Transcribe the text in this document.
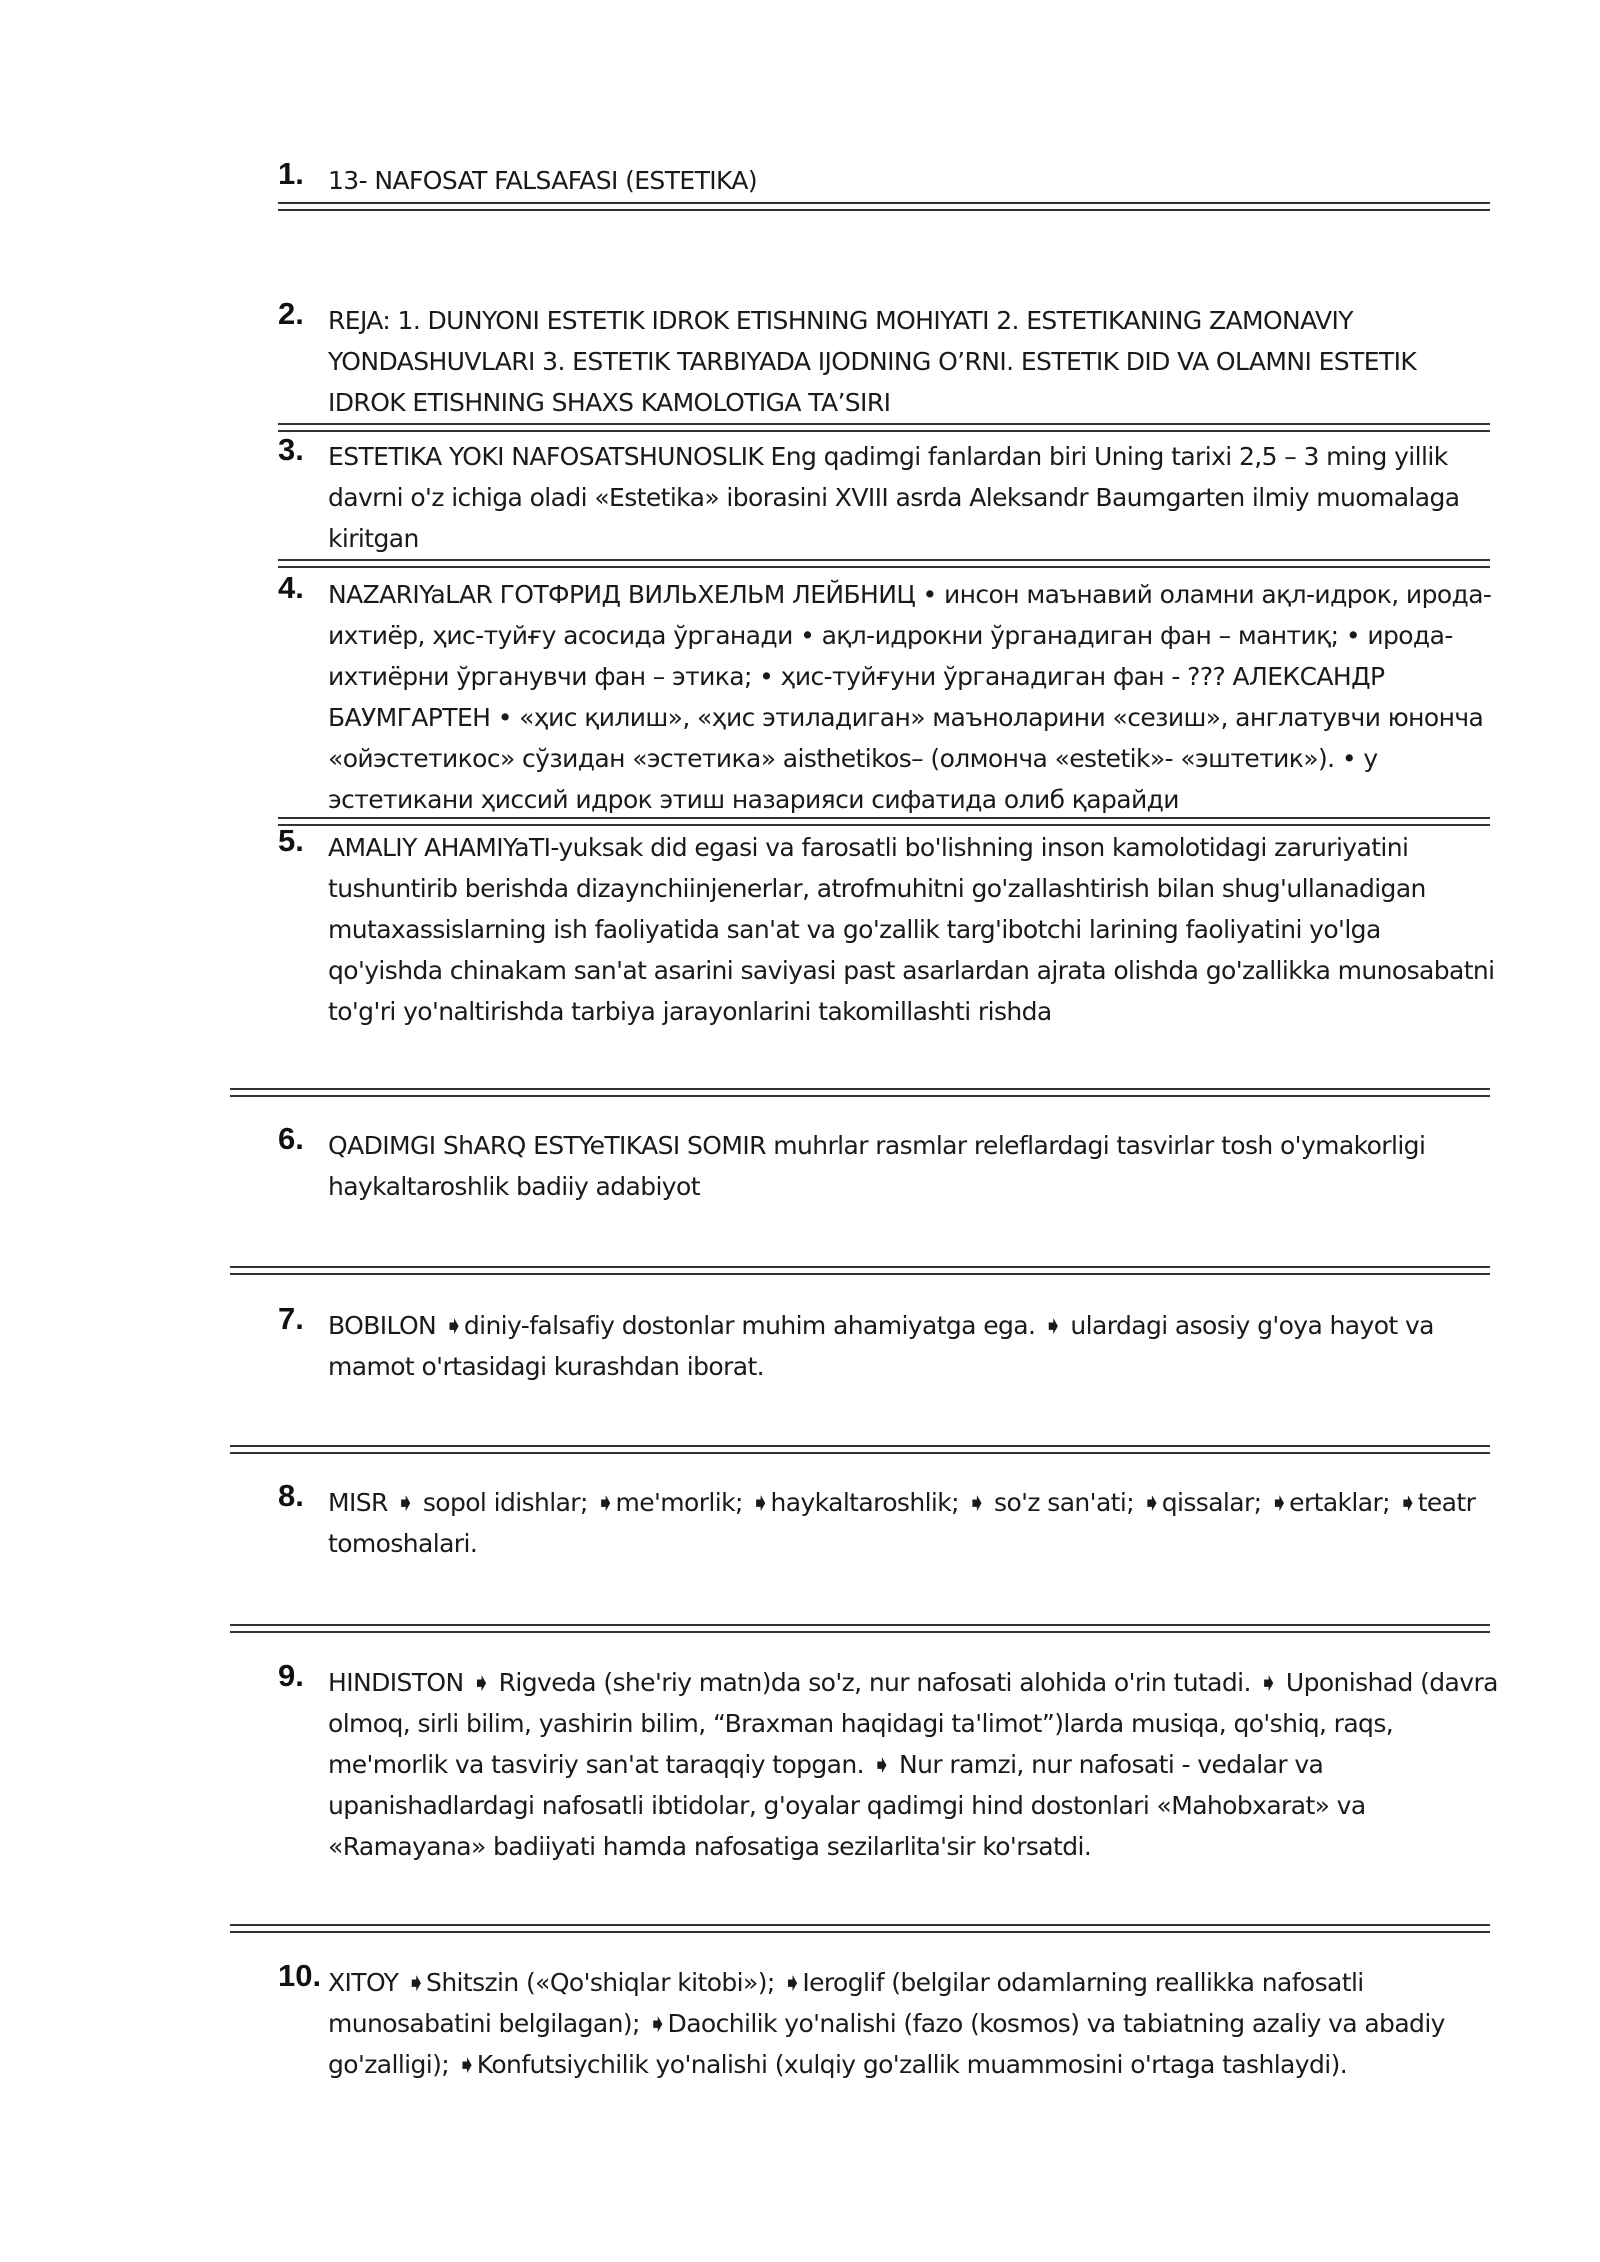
1. 13- NAFOSAT FALSAFASI (ESTETIKA)
2. REJA: 1. DUNYONI ESTETIK IDROK ETISHNING MOHIYATI 2. ESTETIKANING ZAMONAVIY YONDASHUVLARI 3. ESTETIK TARBIYADA IJODNING O’RNI. ESTETIK DID VA OLAMNI ESTETIK IDROK ETISHNING SHAXS KAMOLOTIGA TA’SIRI
3. ESTETIKA YOKI NAFOSATSHUNOSLIK Eng qadimgi fanlardan biri Uning tarixi 2,5 – 3 ming yillik davrni o'z ichiga oladi «Estetika» iborasini XVIII asrda Aleksandr Baumgarten ilmiy muomalaga kiritgan
4. NAZARIYaLAR ГОТФРИД ВИЛЬХЕЛЬМ ЛЕЙБНИЦ • инсон маънавий оламни ақл-идрок, ирода-ихтиёр, ҳис-туйғу асосида ўрганади • ақл-идрокни ўрганадиган фан – мантиқ; • ирода-ихтиёрни ўрганувчи фан – этика; • ҳис-туйғуни ўрганадиган фан - ??? АЛЕКСАНДР БАУМГАРТЕН • «ҳис қилиш», «ҳис этиладиган» маъноларини «сезиш», англатувчи юнонча «ойэстетикос» сўзидан «эстетика» aisthetikos– (олмонча «estetik»- «эштетик»). • у эстетикани ҳиссий идрок этиш назарияси сифатида олиб қарайди
5. AMALIY AHAMIYaTI-yuksak did egasi va farosatli bo'lishning inson kamolotidagi zaruriyatini tushuntirib berishda dizaynchiinjenerlar, atrofmuhitni go'zallashtirish bilan shug'ullanadigan mutaxassislarning ish faoliyatida san'at va go'zallik targ'ibotchi larining faoliyatini yo'lga qo'yishda chinakam san'at asarini saviyasi past asarlardan ajrata olishda go'zallikka munosabatni to'g'ri yo'naltirishda tarbiya jarayonlarini takomillashti rishda
6. QADIMGI ShARQ ESTYeTIKASI SOMIR muhrlar rasmlar releflardagi tasvirlar tosh o'ymakorligi haykaltaroshlik badiiy adabiyot
7. BOBILON ➧diniy-falsafiy dostonlar muhim ahamiyatga ega. ➧ ulardagi asosiy g'oya hayot va mamot o'rtasidagi kurashdan iborat.
8. MISR ➧ sopol idishlar; ➧me'morlik; ➧haykaltaroshlik; ➧ so'z san'ati; ➧qissalar; ➧ertaklar; ➧teatr tomoshalari.
9. HINDISTON ➧ Rigveda (she'riy matn)da so'z, nur nafosati alohida o'rin tutadi. ➧ Uponishad (davra olmoq, sirli bilim, yashirin bilim, “Braxman haqidagi ta'limot”)larda musiqa, qo'shiq, raqs, me'morlik va tasviriy san'at taraqqiy topgan. ➧ Nur ramzi, nur nafosati - vedalar va upanishadlardagi nafosatli ibtidolar, g'oyalar qadimgi hind dostonlari «Mahobxarat» va «Ramayana» badiiyati hamda nafosatiga sezilarlita'sir ko'rsatdi.
10. XITOY ➧Shitszin («Qo'shiqlar kitobi»); ➧Ieroglif (belgilar odamlarning reallikka nafosatli munosabatini belgilagan); ➧Daochilik yo'nalishi (fazo (kosmos) va tabiatning azaliy va abadiy go'zalligi); ➧Konfutsiychilik yo'nalishi (xulqiy go'zallik muammosini o'rtaga tashlaydi).
